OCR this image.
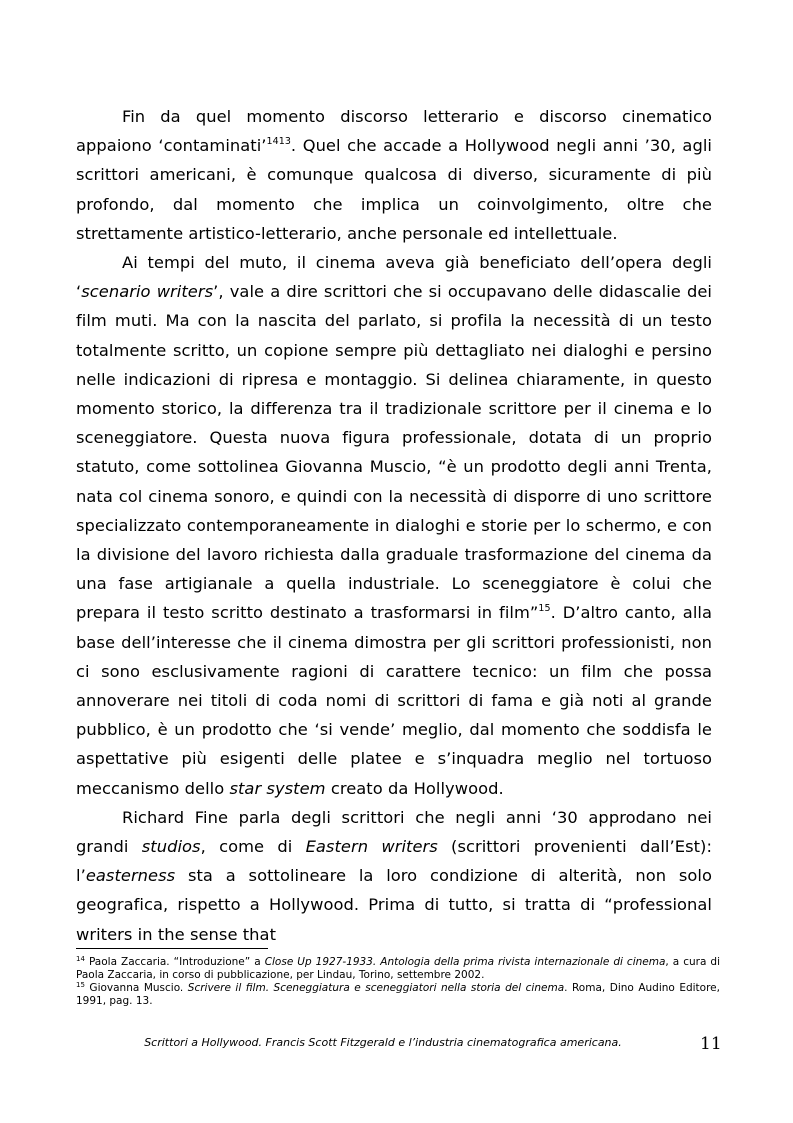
Fin da quel momento discorso letterario e discorso cinematico appaiono ‘contaminati’$^{1413}$. Quel che accade a Hollywood negli anni ’30, agli scrittori americani, è comunque qualcosa di diverso, sicuramente di più profondo, dal momento che implica un coinvolgimento, oltre che strettamente artistico-letterario, anche personale ed intellettuale.

Ai tempi del muto, il cinema aveva già beneficiato dell’opera degli ‘scenario writers’, vale a dire scrittori che si occupavano delle didascalie dei film muti. Ma con la nascita del parlato, si profila la necessità di un testo totalmente scritto, un copione sempre più dettagliato nei dialoghi e persino nelle indicazioni di ripresa e montaggio. Si delinea chiaramente, in questo momento storico, la differenza tra il tradizionale scrittore per il cinema e lo sceneggiatore. Questa nuova figura professionale, dotata di un proprio statuto, come sottolinea Giovanna Muscio, “è un prodotto degli anni Trenta, nata col cinema sonoro, e quindi con la necessità di disporre di uno scrittore specializzato contemporaneamente in dialoghi e storie per lo schermo, e con la divisione del lavoro richiesta dalla graduale trasformazione del cinema da una fase artigianale a quella industriale. Lo sceneggiatore è colui che prepara il testo scritto destinato a trasformarsi in film”$^{15}$. D’altro canto, alla base dell’interesse che il cinema dimostra per gli scrittori professionisti, non ci sono esclusivamente ragioni di carattere tecnico: un film che possa annoverare nei titoli di coda nomi di scrittori di fama e già noti al grande pubblico, è un prodotto che ‘si vende’ meglio, dal momento che soddisfa le aspettative più esigenti delle platee e s’inquadra meglio nel tortuoso meccanismo dello star system creato da Hollywood.

Richard Fine parla degli scrittori che negli anni ‘30 approdano nei grandi studios, come di Eastern writers (scrittori provenienti dall’Est): l’easterness sta a sottolineare la loro condizione di alterità, non solo geografica, rispetto a Hollywood. Prima di tutto, si tratta di “professional writers in the sense that

$^{14}$ Paola Zaccaria. “Introduzione” a Close Up 1927-1933. Antologia della prima rivista internazionale di cinema, a cura di Paola Zaccaria, in corso di pubblicazione, per Lindau, Torino, settembre 2002.

$^{15}$ Giovanna Muscio. Scrivere il film. Sceneggiatura e sceneggiatori nella storia del cinema. Roma, Dino Audino Editore, 1991, pag. 13.

Scrittori a Hollywood. Francis Scott Fitzgerald e l’industria cinematografica americana.	11
